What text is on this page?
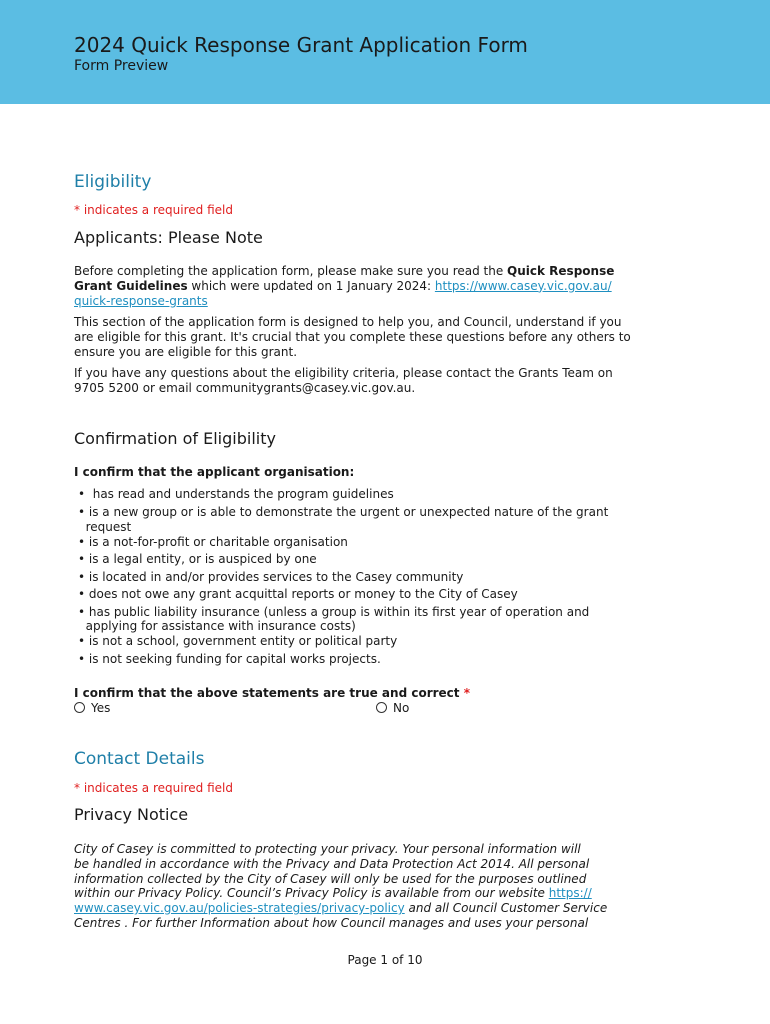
2024 Quick Response Grant Application Form
Form Preview
Eligibility
* indicates a required field
Applicants: Please Note
Before completing the application form, please make sure you read the Quick Response
Grant Guidelines which were updated on 1 January 2024: https://www.casey.vic.gov.au/
quick-response-grants
This section of the application form is designed to help you, and Council, understand if you
are eligible for this grant. It's crucial that you complete these questions before any others to
ensure you are eligible for this grant.
If you have any questions about the eligibility criteria, please contact the Grants Team on
9705 5200 or email communitygrants@casey.vic.gov.au.
Confirmation of Eligibility
I confirm that the applicant organisation:
•  has read and understands the program guidelines
• is a new group or is able to demonstrate the urgent or unexpected nature of the grant
request
• is a not-for-profit or charitable organisation
• is a legal entity, or is auspiced by one
• is located in and/or provides services to the Casey community
• does not owe any grant acquittal reports or money to the City of Casey
• has public liability insurance (unless a group is within its first year of operation and
applying for assistance with insurance costs)
• is not a school, government entity or political party
• is not seeking funding for capital works projects.
I confirm that the above statements are true and correct *
Yes	No
Contact Details
* indicates a required field
Privacy Notice
City of Casey is committed to protecting your privacy. Your personal information will
be handled in accordance with the Privacy and Data Protection Act 2014. All personal
information collected by the City of Casey will only be used for the purposes outlined
within our Privacy Policy. Council’s Privacy Policy is available from our website https://
www.casey.vic.gov.au/policies-strategies/privacy-policy and all Council Customer Service
Centres . For further Information about how Council manages and uses your personal
Page 1 of 10
